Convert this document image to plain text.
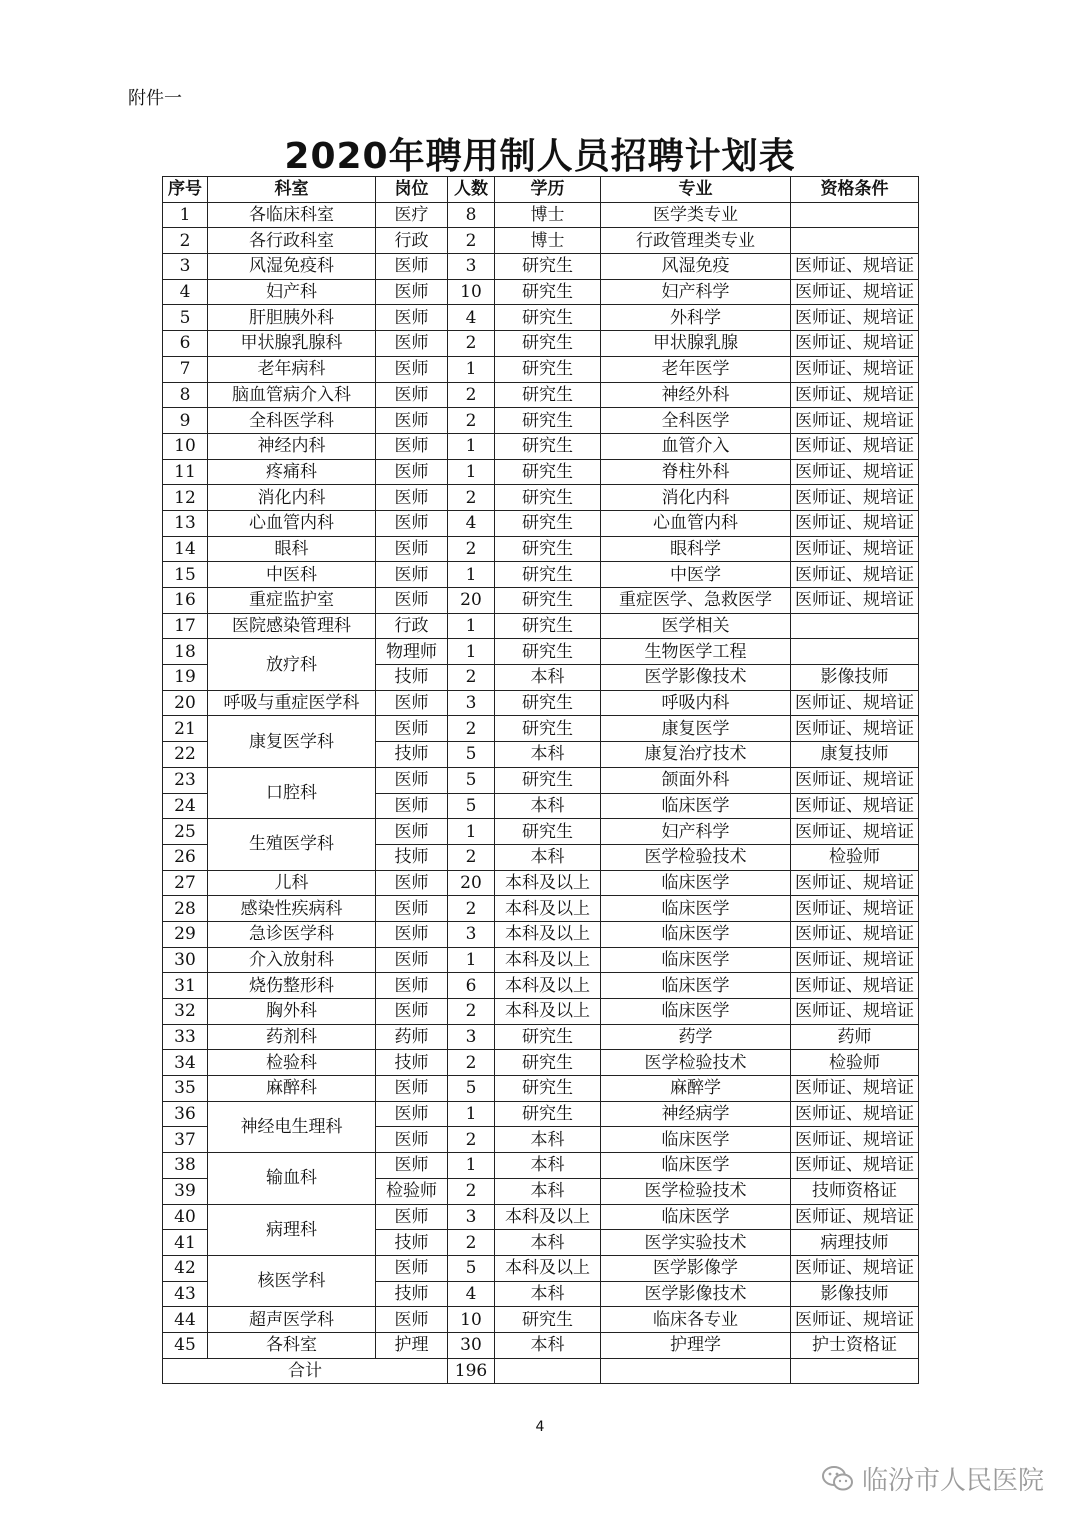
附件一
2020年聘用制人员招聘计划表
序号	科室	岗位	人数	学历	专业	资格条件
1	各临床科室	医疗	8	博士	医学类专业	
2	各行政科室	行政	2	博士	行政管理类专业	
3	风湿免疫科	医师	3	研究生	风湿免疫	医师证、规培证
4	妇产科	医师	10	研究生	妇产科学	医师证、规培证
5	肝胆胰外科	医师	4	研究生	外科学	医师证、规培证
6	甲状腺乳腺科	医师	2	研究生	甲状腺乳腺	医师证、规培证
7	老年病科	医师	1	研究生	老年医学	医师证、规培证
8	脑血管病介入科	医师	2	研究生	神经外科	医师证、规培证
9	全科医学科	医师	2	研究生	全科医学	医师证、规培证
10	神经内科	医师	1	研究生	血管介入	医师证、规培证
11	疼痛科	医师	1	研究生	脊柱外科	医师证、规培证
12	消化内科	医师	2	研究生	消化内科	医师证、规培证
13	心血管内科	医师	4	研究生	心血管内科	医师证、规培证
14	眼科	医师	2	研究生	眼科学	医师证、规培证
15	中医科	医师	1	研究生	中医学	医师证、规培证
16	重症监护室	医师	20	研究生	重症医学、急救医学	医师证、规培证
17	医院感染管理科	行政	1	研究生	医学相关	
18	放疗科	物理师	1	研究生	生物医学工程	
19		技师	2	本科	医学影像技术	影像技师
20	呼吸与重症医学科	医师	3	研究生	呼吸内科	医师证、规培证
21	康复医学科	医师	2	研究生	康复医学	医师证、规培证
22		技师	5	本科	康复治疗技术	康复技师
23	口腔科	医师	5	研究生	颌面外科	医师证、规培证
24		医师	5	本科	临床医学	医师证、规培证
25	生殖医学科	医师	1	研究生	妇产科学	医师证、规培证
26		技师	2	本科	医学检验技术	检验师
27	儿科	医师	20	本科及以上	临床医学	医师证、规培证
28	感染性疾病科	医师	2	本科及以上	临床医学	医师证、规培证
29	急诊医学科	医师	3	本科及以上	临床医学	医师证、规培证
30	介入放射科	医师	1	本科及以上	临床医学	医师证、规培证
31	烧伤整形科	医师	6	本科及以上	临床医学	医师证、规培证
32	胸外科	医师	2	本科及以上	临床医学	医师证、规培证
33	药剂科	药师	3	研究生	药学	药师
34	检验科	技师	2	研究生	医学检验技术	检验师
35	麻醉科	医师	5	研究生	麻醉学	医师证、规培证
36	神经电生理科	医师	1	研究生	神经病学	医师证、规培证
37		医师	2	本科	临床医学	医师证、规培证
38	输血科	医师	1	本科	临床医学	医师证、规培证
39		检验师	2	本科	医学检验技术	技师资格证
40	病理科	医师	3	本科及以上	临床医学	医师证、规培证
41		技师	2	本科	医学实验技术	病理技师
42	核医学科	医师	5	本科及以上	医学影像学	医师证、规培证
43		技师	4	本科	医学影像技术	影像技师
44	超声医学科	医师	10	研究生	临床各专业	医师证、规培证
45	各科室	护理	30	本科	护理学	护士资格证
合计			196			
4
临汾市人民医院
